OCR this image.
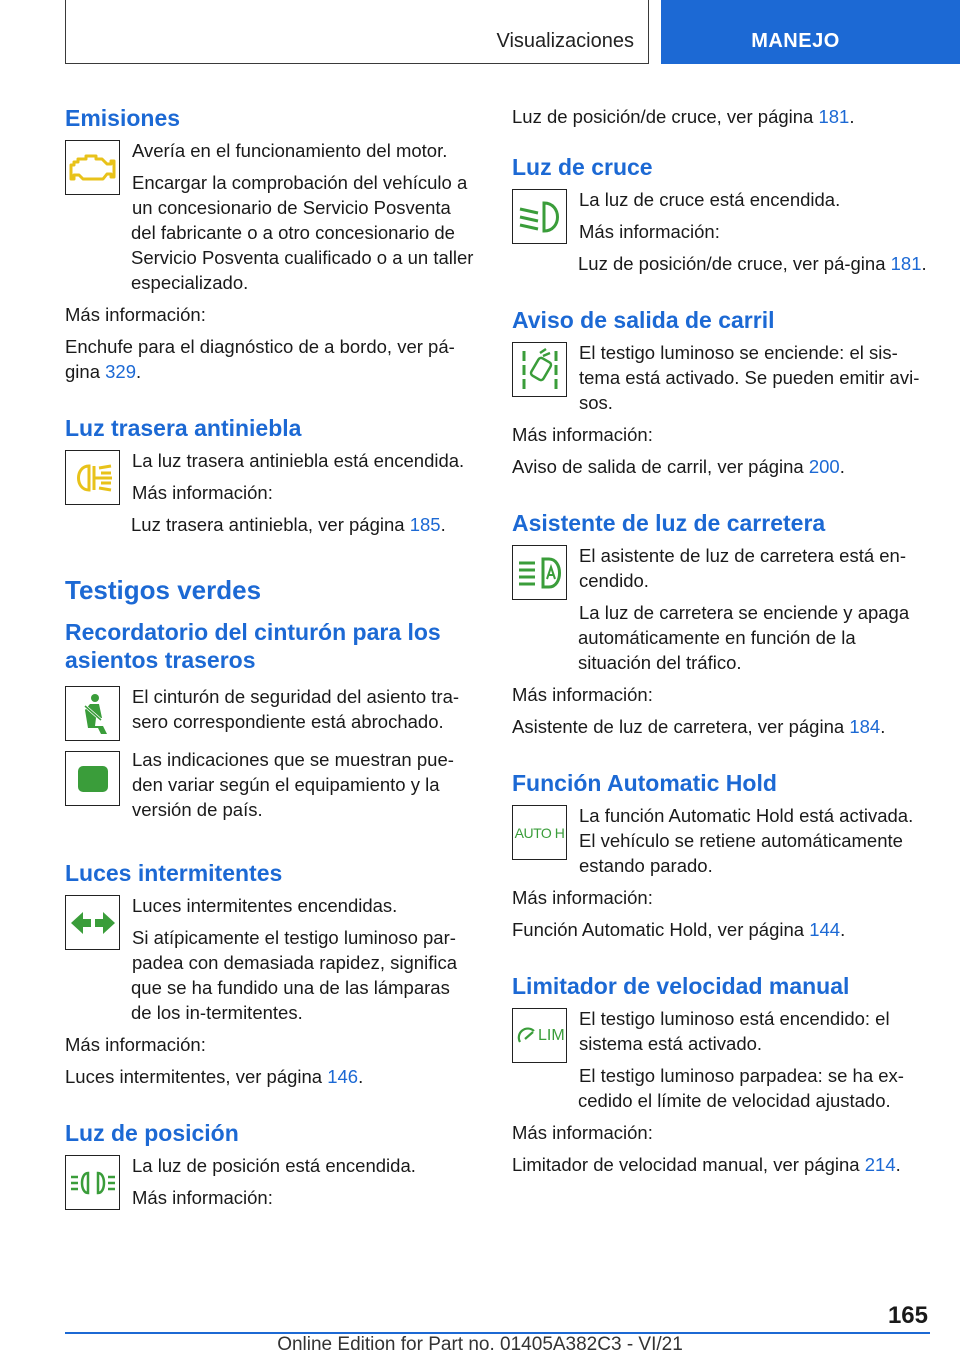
Visualizaciones	MANEJO
Emisiones

Avería en el funcionamiento del motor.

Encargar la comprobación del vehículo a un concesionario de Servicio Posventa del fabricante o a otro concesionario de Servicio Posventa cualificado o a un taller especializado.

Más información:

Enchufe para el diagnóstico de a bordo, ver pá‐gina 329.

Luz trasera antiniebla

La luz trasera antiniebla está encendida.

Más información:

Luz trasera antiniebla, ver página 185.

Testigos verdes
Recordatorio del cinturón para los asientos traseros

El cinturón de seguridad del asiento tra‐sero correspondiente está abrochado.

Las indicaciones que se muestran pue‐den variar según el equipamiento y la versión de país.

Luces intermitentes

Luces intermitentes encendidas.

Si atípicamente el testigo luminoso par‐padea con demasiada rapidez, significa que se ha fundido una de las lámparas de los in‐termitentes.

Más información:

Luces intermitentes, ver página 146.

Luz de posición

La luz de posición está encendida.

Más información:

Luz de posición/de cruce, ver página 181.

Luz de cruce

La luz de cruce está encendida.

Más información:

Luz de posición/de cruce, ver pá‐gina 181.

Aviso de salida de carril

El testigo luminoso se enciende: el sis‐tema está activado. Se pueden emitir avi‐sos.

Más información:

Aviso de salida de carril, ver página 200.

Asistente de luz de carretera

El asistente de luz de carretera está en‐cendido.

La luz de carretera se enciende y apaga automáticamente en función de la situación del tráfico.

Más información:

Asistente de luz de carretera, ver página 184.

Función Automatic Hold
AUTO H

La función Automatic Hold está activada. El vehículo se retiene automáticamente estando parado.

Más información:

Función Automatic Hold, ver página 144.

Limitador de velocidad manual
LIM

El testigo luminoso está encendido: el sistema está activado.

El testigo luminoso parpadea: se ha ex‐cedido el límite de velocidad ajustado.

Más información:

Limitador de velocidad manual, ver página 214.

165
Online Edition for Part no. 01405A382C3 - VI/21
